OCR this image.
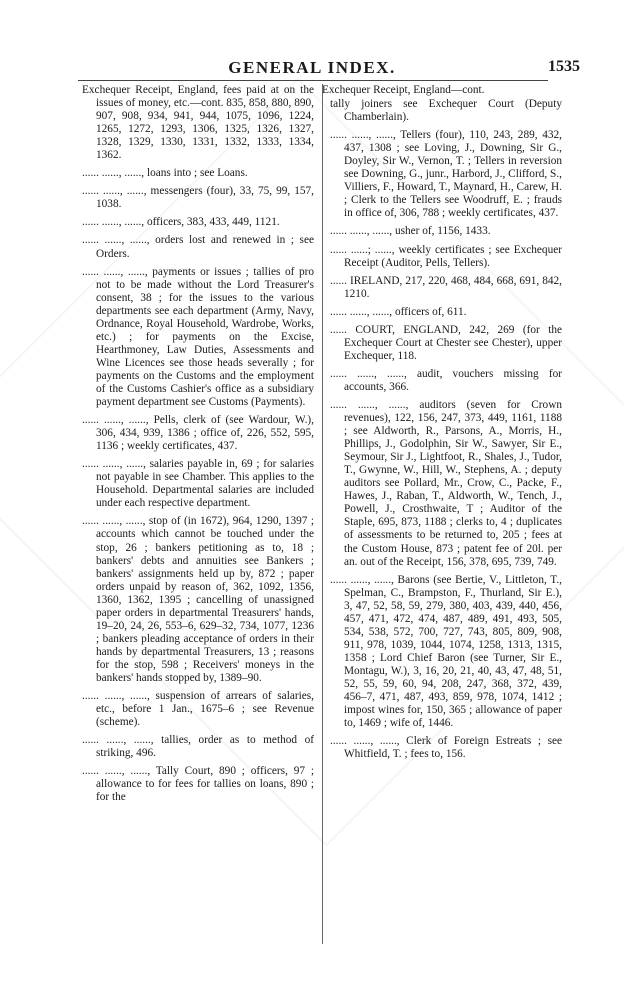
GENERAL INDEX.	1535

Exchequer Receipt, England, fees paid at on the issues of money, etc.—cont. 835, 858, 880, 890, 907, 908, 934, 941, 944, 1075, 1096, 1224, 1265, 1272, 1293, 1306, 1325, 1326, 1327, 1328, 1329, 1330, 1331, 1332, 1333, 1334, 1362.

...... ......, ......, loans into ; see Loans.

...... ......, ......, messengers (four), 33, 75, 99, 157, 1038.

...... ......, ......, officers, 383, 433, 449, 1121.

...... ......, ......, orders lost and renewed in ; see Orders.

...... ......, ......, payments or issues ; tallies of pro not to be made without the Lord Treasurer's consent, 38 ; for the issues to the various departments see each department (Army, Navy, Ordnance, Royal Household, Wardrobe, Works, etc.) ; for payments on the Excise, Hearthmoney, Law Duties, Assessments and Wine Licences see those heads severally ; for payments on the Customs and the employment of the Customs Cashier's office as a subsidiary payment department see Customs (Payments).

...... ......, ......, Pells, clerk of (see Wardour, W.), 306, 434, 939, 1386 ; office of, 226, 552, 595, 1136 ; weekly certificates, 437.

...... ......, ......, salaries payable in, 69 ; for salaries not payable in see Chamber. This applies to the Household. Departmental salaries are included under each respective department.

...... ......, ......, stop of (in 1672), 964, 1290, 1397 ; accounts which cannot be touched under the stop, 26 ; bankers petitioning as to, 18 ; bankers' debts and annuities see Bankers ; bankers' assignments held up by, 872 ; paper orders unpaid by reason of, 362, 1092, 1356, 1360, 1362, 1395 ; cancelling of unassigned paper orders in departmental Treasurers' hands, 19–20, 24, 26, 553–6, 629–32, 734, 1077, 1236 ; bankers pleading acceptance of orders in their hands by departmental Treasurers, 13 ; reasons for the stop, 598 ; Receivers' moneys in the bankers' hands stopped by, 1389–90.

...... ......, ......, suspension of arrears of salaries, etc., before 1 Jan., 1675–6 ; see Revenue (scheme).

...... ......, ......, tallies, order as to method of striking, 496.

...... ......, ......, Tally Court, 890 ; officers, 97 ; allowance to for fees for tallies on loans, 890 ; for the

Exchequer Receipt, England—cont.

tally joiners see Exchequer Court (Deputy Chamberlain).

...... ......, ......, Tellers (four), 110, 243, 289, 432, 437, 1308 ; see Loving, J., Downing, Sir G., Doyley, Sir W., Vernon, T. ; Tellers in reversion see Downing, G., junr., Harbord, J., Clifford, S., Villiers, F., Howard, T., Maynard, H., Carew, H. ; Clerk to the Tellers see Woodruff, E. ; frauds in office of, 306, 788 ; weekly certificates, 437.

...... ......, ......, usher of, 1156, 1433.

...... ......; ......, weekly certificates ; see Exchequer Receipt (Auditor, Pells, Tellers).

...... IRELAND, 217, 220, 468, 484, 668, 691, 842, 1210.

...... ......, ......, officers of, 611.

...... COURT, ENGLAND, 242, 269 (for the Exchequer Court at Chester see Chester), upper Exchequer, 118.

...... ......, ......, audit, vouchers missing for accounts, 366.

...... ......, ......, auditors (seven for Crown revenues), 122, 156, 247, 373, 449, 1161, 1188 ; see Aldworth, R., Parsons, A., Morris, H., Phillips, J., Godolphin, Sir W., Sawyer, Sir E., Seymour, Sir J., Lightfoot, R., Shales, J., Tudor, T., Gwynne, W., Hill, W., Stephens, A. ; deputy auditors see Pollard, Mr., Crow, C., Packe, F., Hawes, J., Raban, T., Aldworth, W., Tench, J., Powell, J., Crosthwaite, T ; Auditor of the Staple, 695, 873, 1188 ; clerks to, 4 ; duplicates of assessments to be returned to, 205 ; fees at the Custom House, 873 ; patent fee of 20l. per an. out of the Receipt, 156, 378, 695, 739, 749.

...... ......, ......, Barons (see Bertie, V., Littleton, T., Spelman, C., Brampston, F., Thurland, Sir E.), 3, 47, 52, 58, 59, 279, 380, 403, 439, 440, 456, 457, 471, 472, 474, 487, 489, 491, 493, 505, 534, 538, 572, 700, 727, 743, 805, 809, 908, 911, 978, 1039, 1044, 1074, 1258, 1313, 1315, 1358 ; Lord Chief Baron (see Turner, Sir E., Montagu, W.), 3, 16, 20, 21, 40, 43, 47, 48, 51, 52, 55, 59, 60, 94, 208, 247, 368, 372, 439, 456–7, 471, 487, 493, 859, 978, 1074, 1412 ; impost wines for, 150, 365 ; allowance of paper to, 1469 ; wife of, 1446.

...... ......, ......, Clerk of Foreign Estreats ; see Whitfield, T. ; fees to, 156.
